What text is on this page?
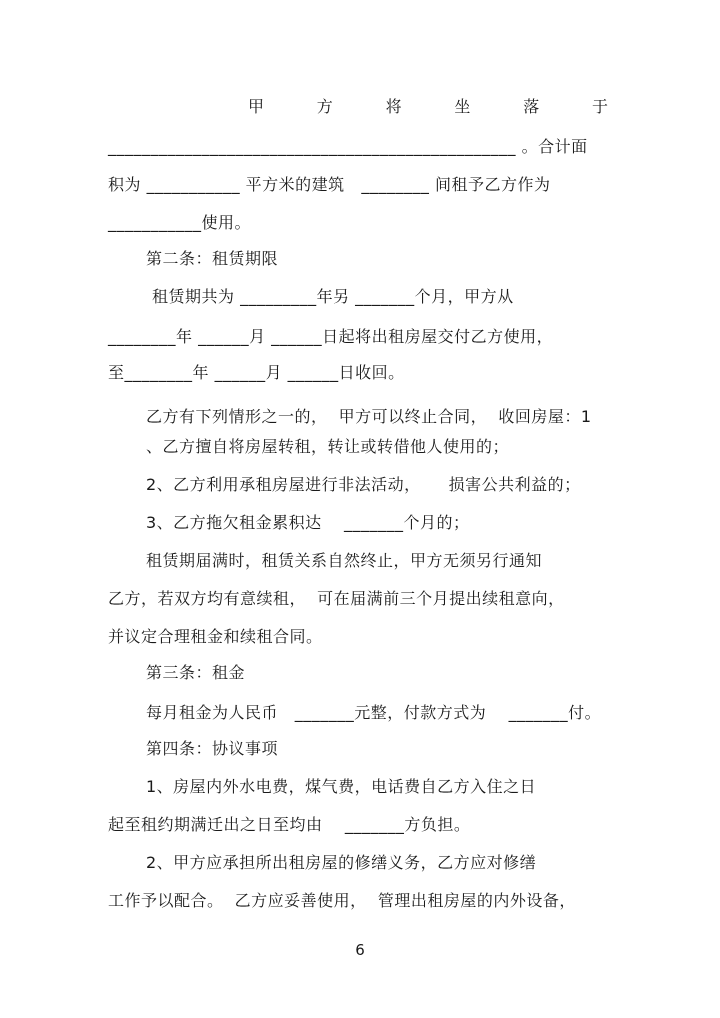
甲	方	将	坐	落	于
________________________________________________ 。合计面
积为 ___________ 平方米的建筑   ________ 间租予乙方作为
___________使用。
第二条：租赁期限
租赁期共为 _________年另 _______个月，甲方从
________年 ______月 ______日起将出租房屋交付乙方使用，
至________年 ______月 ______日收回。
乙方有下列情形之一的，  甲方可以终止合同，  收回房屋：1
、乙方擅自将房屋转租，转让或转借他人使用的；
2、乙方利用承租房屋进行非法活动，     损害公共利益的；
3、乙方拖欠租金累积达    _______个月的；
租赁期届满时，租赁关系自然终止，甲方无须另行通知
乙方，若双方均有意续租，  可在届满前三个月提出续租意向，
并议定合理租金和续租合同。
第三条：租金
每月租金为人民币   _______元整，付款方式为    _______付。
第四条：协议事项
1、房屋内外水电费，煤气费，电话费自乙方入住之日
起至租约期满迁出之日至均由    _______方负担。
2、甲方应承担所出租房屋的修缮义务，乙方应对修缮
工作予以配合。  乙方应妥善使用，  管理出租房屋的内外设备，
6
